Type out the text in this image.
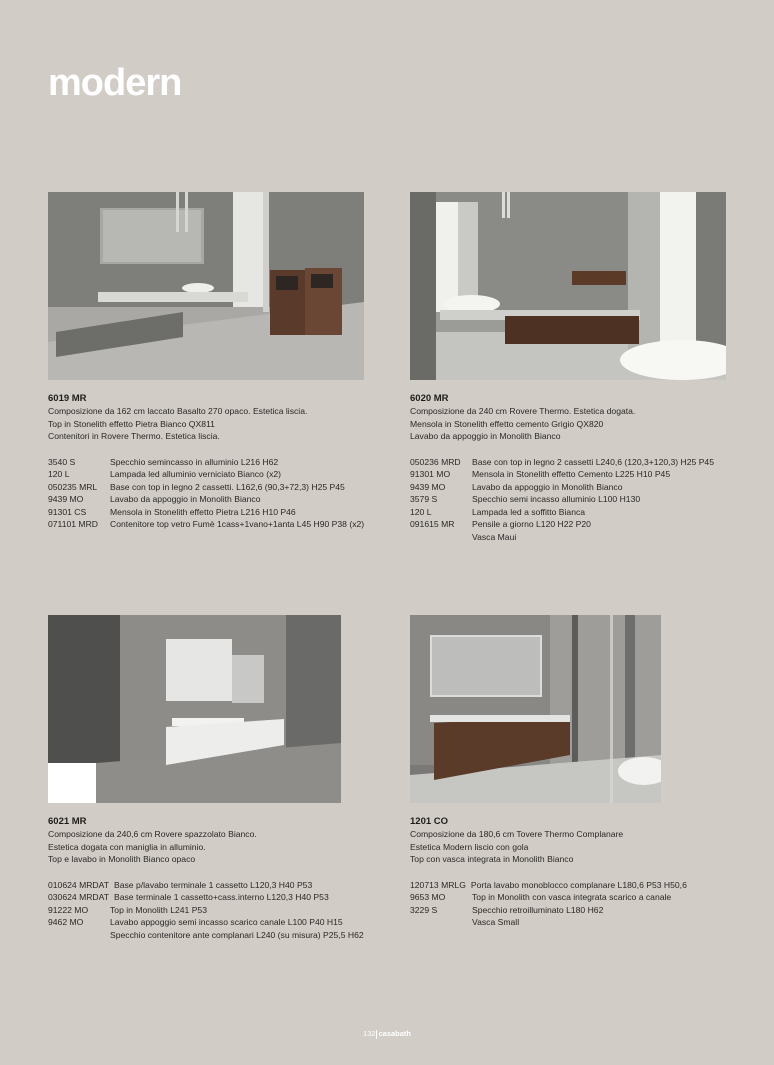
modern
6019 MR
Composizione da 162 cm laccato Basalto 270 opaco. Estetica liscia.
Top in Stonelith effetto Pietra Bianco QX811
Contenitori in Rovere Thermo. Estetica liscia.
3540 S	Specchio semincasso in alluminio L216 H62
120 L	Lampada led alluminio verniciato Bianco (x2)
050235 MRL	Base con top in legno 2 cassetti. L162,6 (90,3+72,3) H25 P45
9439 MO	Lavabo da appoggio in Monolith Bianco
91301 CS	Mensola in Stonelith effetto Pietra L216 H10 P46
071101 MRD	Contenitore top vetro Fumè 1cass+1vano+1anta L45 H90 P38 (x2)
6020 MR
Composizione da 240 cm Rovere Thermo. Estetica dogata.
Mensola in Stonelith effetto cemento Grigio QX820
Lavabo da appoggio in Monolith Bianco
050236 MRD	Base con top in legno 2 cassetti L240,6 (120,3+120,3) H25 P45
91301 MO	Mensola in Stonelith effetto Cemento L225 H10 P45
9439 MO	Lavabo da appoggio in Monolith Bianco
3579 S	Specchio semi incasso alluminio L100 H130
120 L	Lampada led a soffitto Bianca
091615 MR	Pensile a giorno L120 H22 P20
Vasca Maui
6021 MR
Composizione da 240,6 cm Rovere spazzolato Bianco.
Estetica dogata con maniglia in alluminio.
Top e lavabo in Monolith Bianco opaco
010624 MRDAT Base p/lavabo terminale 1 cassetto L120,3 H40 P53
030624 MRDAT Base terminale 1 cassetto+cass.interno L120,3 H40 P53
91222 MO	Top in Monolith L241 P53
9462 MO	Lavabo appoggio semi incasso scarico canale L100 P40 H15
Specchio contenitore ante complanari L240 (su misura) P25,5 H62
1201 CO
Composizione da 180,6 cm Tovere Thermo Complanare
Estetica Modern liscio con gola
Top con vasca integrata in Monolith Bianco
120713 MRLG Porta lavabo monoblocco complanare L180,6 P53 H50,6
9653 MO	Top in Monolith con vasca integrata scarico a canale
3229 S	Specchio retroilluminato L180 H62
Vasca Small
132 casabath
